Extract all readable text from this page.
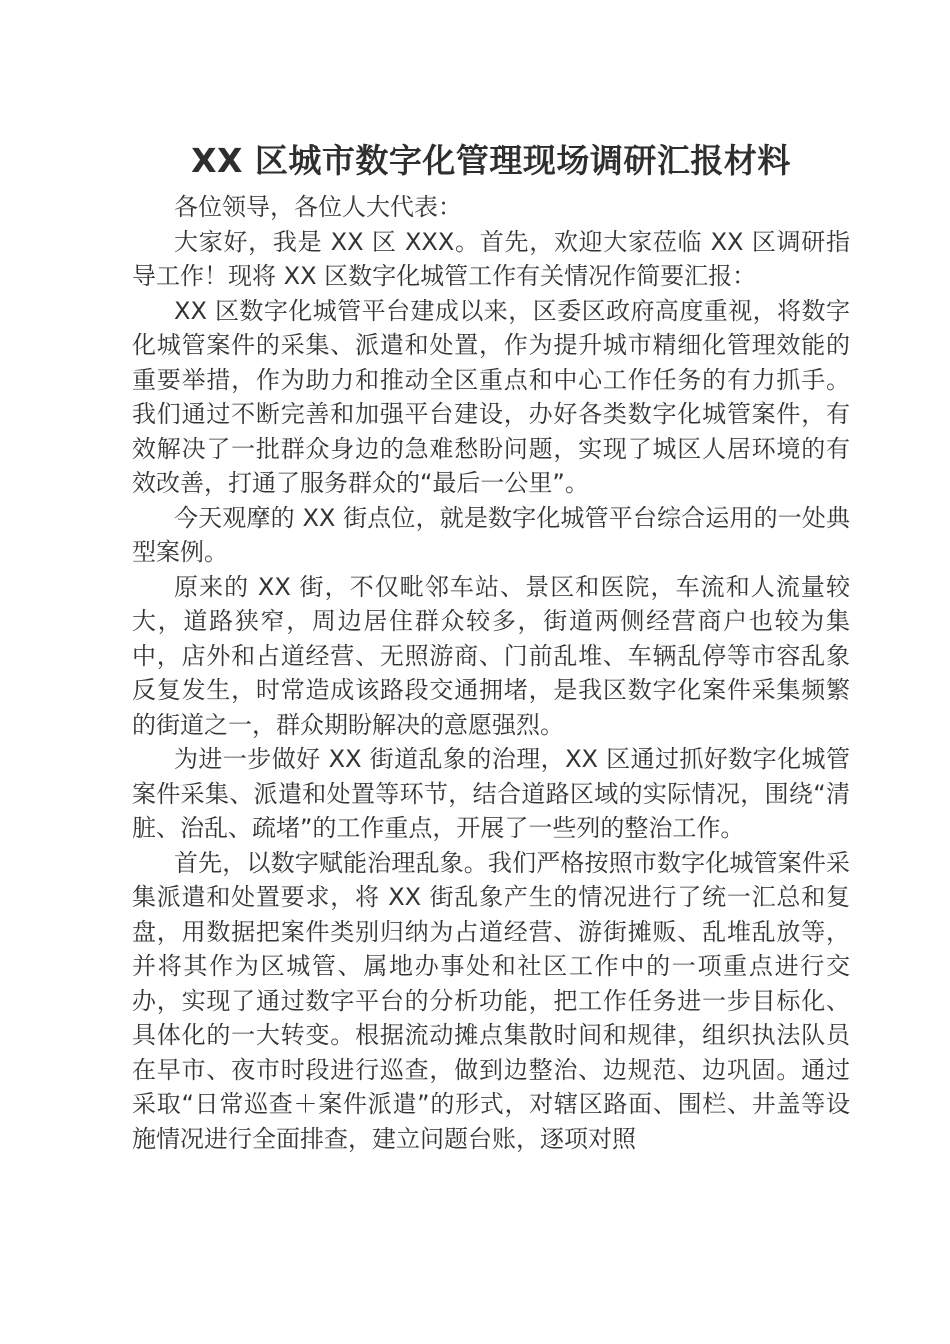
XX 区城市数字化管理现场调研汇报材料

各位领导，各位人大代表：

大家好，我是 XX 区 XXX。首先，欢迎大家莅临 XX 区调研指导工作！现将 XX 区数字化城管工作有关情况作简要汇报：

XX 区数字化城管平台建成以来，区委区政府高度重视，将数字化城管案件的采集、派遣和处置，作为提升城市精细化管理效能的重要举措，作为助力和推动全区重点和中心工作任务的有力抓手。我们通过不断完善和加强平台建设，办好各类数字化城管案件，有效解决了一批群众身边的急难愁盼问题，实现了城区人居环境的有效改善，打通了服务群众的“最后一公里”。

今天观摩的 XX 街点位，就是数字化城管平台综合运用的一处典型案例。

原来的 XX 街，不仅毗邻车站、景区和医院，车流和人流量较大，道路狭窄，周边居住群众较多，街道两侧经营商户也较为集中，店外和占道经营、无照游商、门前乱堆、车辆乱停等市容乱象反复发生，时常造成该路段交通拥堵，是我区数字化案件采集频繁的街道之一，群众期盼解决的意愿强烈。

为进一步做好 XX 街道乱象的治理，XX 区通过抓好数字化城管案件采集、派遣和处置等环节，结合道路区域的实际情况，围绕“清脏、治乱、疏堵”的工作重点，开展了一些列的整治工作。

首先，以数字赋能治理乱象。我们严格按照市数字化城管案件采集派遣和处置要求，将 XX 街乱象产生的情况进行了统一汇总和复盘，用数据把案件类别归纳为占道经营、游街摊贩、乱堆乱放等，并将其作为区城管、属地办事处和社区工作中的一项重点进行交办，实现了通过数字平台的分析功能，把工作任务进一步目标化、具体化的一大转变。根据流动摊点集散时间和规律，组织执法队员在早市、夜市时段进行巡查，做到边整治、边规范、边巩固。通过采取“日常巡查＋案件派遣”的形式，对辖区路面、围栏、井盖等设施情况进行全面排查，建立问题台账，逐项对照
